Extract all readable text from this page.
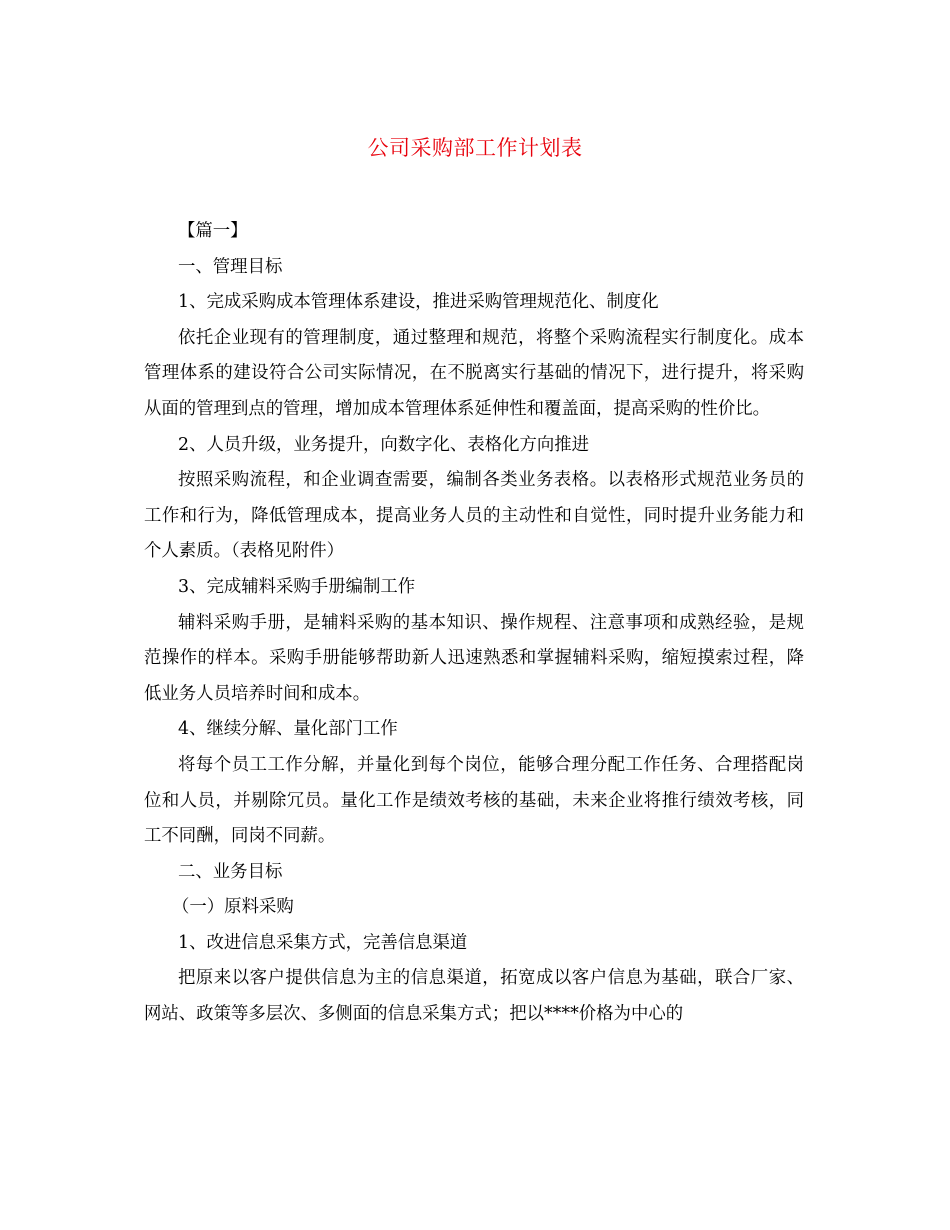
公司采购部工作计划表

【篇一】

一、管理目标

1、完成采购成本管理体系建设，推进采购管理规范化、制度化

依托企业现有的管理制度，通过整理和规范，将整个采购流程实行制度化。成本管理体系的建设符合公司实际情况，在不脱离实行基础的情况下，进行提升，将采购从面的管理到点的管理，增加成本管理体系延伸性和覆盖面，提高采购的性价比。

2、人员升级，业务提升，向数字化、表格化方向推进

按照采购流程，和企业调查需要，编制各类业务表格。以表格形式规范业务员的工作和行为，降低管理成本，提高业务人员的主动性和自觉性，同时提升业务能力和个人素质。（表格见附件）

3、完成辅料采购手册编制工作

辅料采购手册，是辅料采购的基本知识、操作规程、注意事项和成熟经验，是规范操作的样本。采购手册能够帮助新人迅速熟悉和掌握辅料采购，缩短摸索过程，降低业务人员培养时间和成本。

4、继续分解、量化部门工作

将每个员工工作分解，并量化到每个岗位，能够合理分配工作任务、合理搭配岗位和人员，并剔除冗员。量化工作是绩效考核的基础，未来企业将推行绩效考核，同工不同酬，同岗不同薪。

二、业务目标

（一）原料采购

1、改进信息采集方式，完善信息渠道

把原来以客户提供信息为主的信息渠道，拓宽成以客户信息为基础，联合厂家、网站、政策等多层次、多侧面的信息采集方式；把以****价格为中心的
